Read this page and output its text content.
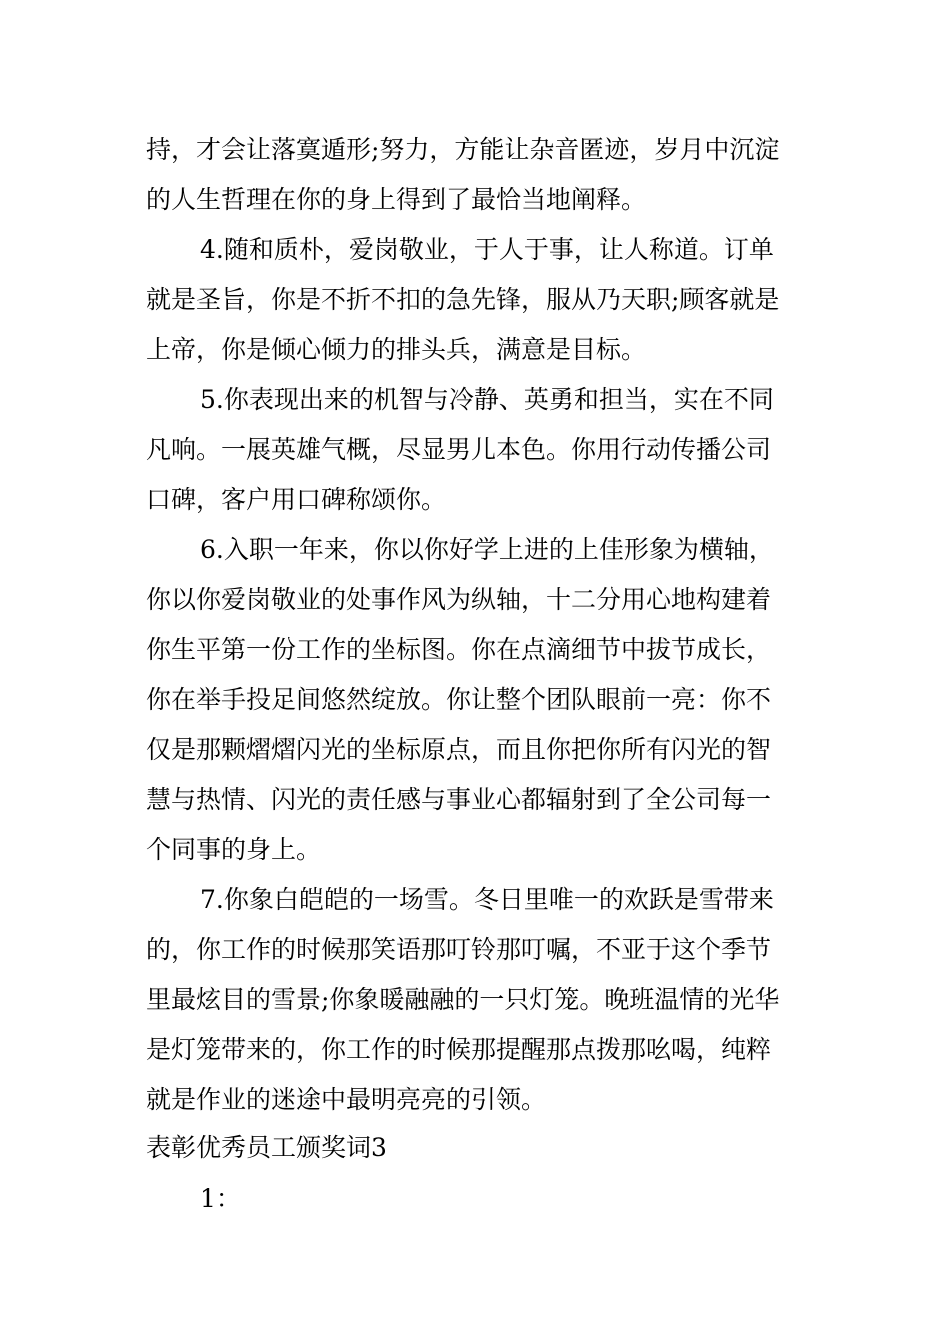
持，才会让落寞遁形;努力，方能让杂音匿迹，岁月中沉淀
的人生哲理在你的身上得到了最恰当地阐释。
4.随和质朴，爱岗敬业，于人于事，让人称道。订单
就是圣旨，你是不折不扣的急先锋，服从乃天职;顾客就是
上帝，你是倾心倾力的排头兵，满意是目标。
5.你表现出来的机智与冷静、英勇和担当，实在不同
凡响。一展英雄气概，尽显男儿本色。你用行动传播公司
口碑，客户用口碑称颂你。
6.入职一年来，你以你好学上进的上佳形象为横轴，
你以你爱岗敬业的处事作风为纵轴，十二分用心地构建着
你生平第一份工作的坐标图。你在点滴细节中拔节成长，
你在举手投足间悠然绽放。你让整个团队眼前一亮：你不
仅是那颗熠熠闪光的坐标原点，而且你把你所有闪光的智
慧与热情、闪光的责任感与事业心都辐射到了全公司每一
个同事的身上。
7.你象白皑皑的一场雪。冬日里唯一的欢跃是雪带来
的，你工作的时候那笑语那叮铃那叮嘱，不亚于这个季节
里最炫目的雪景;你象暖融融的一只灯笼。晚班温情的光华
是灯笼带来的，你工作的时候那提醒那点拨那吆喝，纯粹
就是作业的迷途中最明亮亮的引领。
表彰优秀员工颁奖词3
1：
